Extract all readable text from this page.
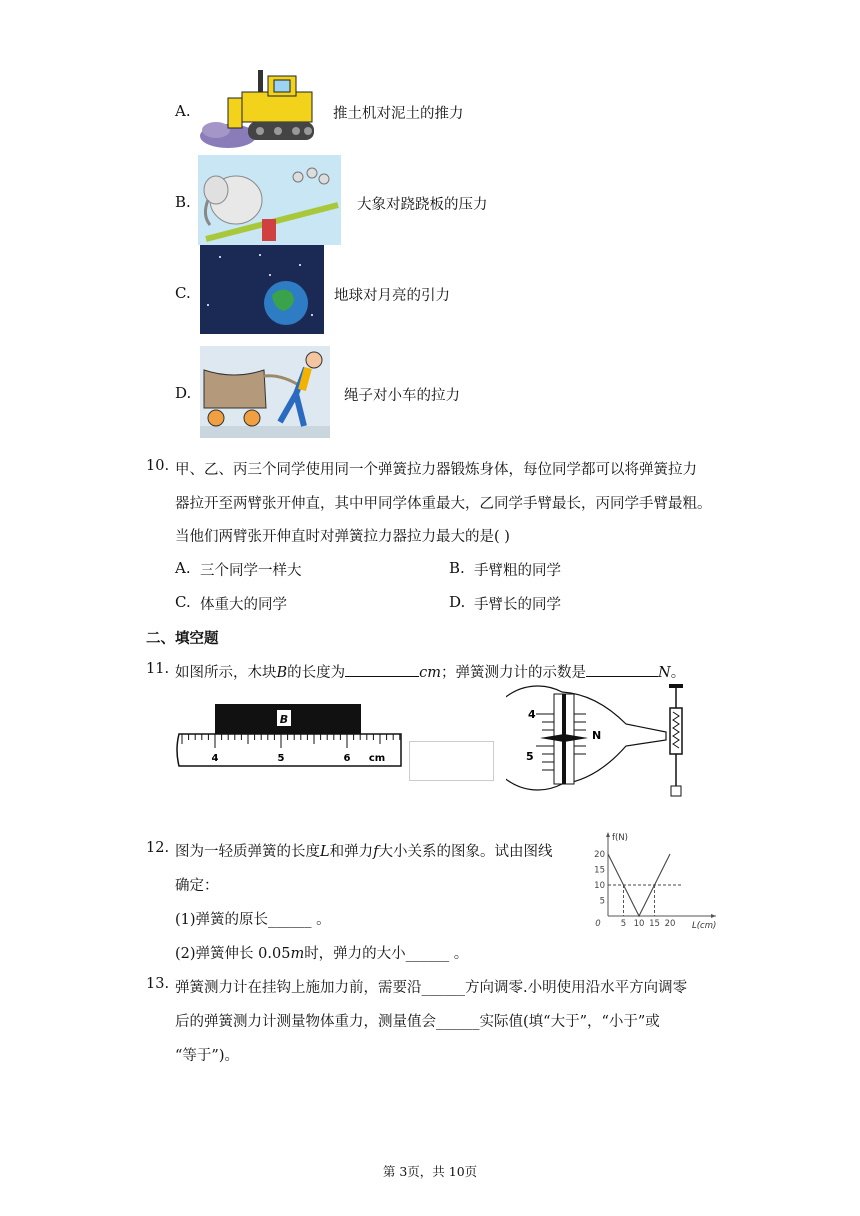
A.	推土机对泥土的推力
B.	大象对跷跷板的压力
C.	地球对月亮的引力
D.	绳子对小车的拉力
10. 甲、乙、丙三个同学使用同一个弹簧拉力器锻炼身体，每位同学都可以将弹簧拉力
器拉开至两臂张开伸直，其中甲同学体重最大，乙同学手臂最长，丙同学手臂最粗。
当他们两臂张开伸直时对弹簧拉力器拉力最大的是( )
A. 三个同学一样大	B. 手臂粗的同学
C. 体重大的同学	D. 手臂长的同学
二、填空题
11. 如图所示，木块B的长度为	cm；弹簧测力计的示数是	N。
B
4	5	6 cm
4
5
N
12. 图为一轻质弹簧的长度L和弹力f大小关系的图象。试由图线
确定：
(1)弹簧的原长______ 。
(2)弹簧伸长 0.05m时，弹力的大小______ 。
f(N)
L(cm)
0 5 10 15 20
20
15
10
5
13. 弹簧测力计在挂钩上施加力前，需要沿______方向调零.小明使用沿水平方向调零
后的弹簧测力计测量物体重力，测量值会______实际值(填“大于”，“小于”或
“等于”)。
第 3页，共 10页
